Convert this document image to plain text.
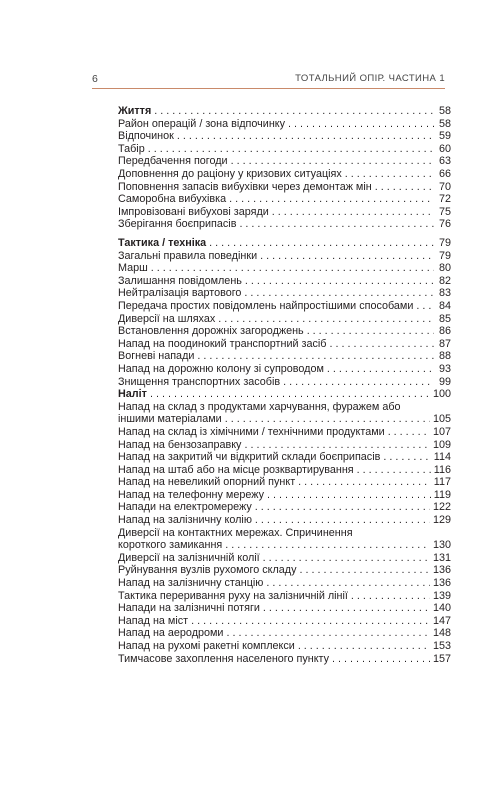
6	ТОТАЛЬНИЙ ОПІР. ЧАСТИНА 1
Життя . . .	58
Район операцій / зона відпочинку . . .	58
Відпочинок . . .	59
Табір . . .	60
Передбачення погоди . . .	63
Доповнення до раціону у кризових ситуаціях . . .	66
Поповнення запасів вибухівки через демонтаж мін . . .	70
Саморобна вибухівка . . .	72
Імпровізовані вибухові заряди . . .	75
Зберігання боєприпасів . . .	76
Тактика / техніка . . .	79
Загальні правила поведінки . . .	79
Марш . . .	80
Залишання повідомлень . . .	82
Нейтралізація вартового . . .	83
Передача простих повідомлень найпростішими способами . . . 84
Диверсії на шляхах . . .	85
Встановлення дорожніх загороджень . . .	86
Напад на поодинокий транспортний засіб . . .	87
Вогневі напади . . .	88
Напад на дорожню колону зі супроводом . . .	93
Знищення транспортних засобів . . .	99
Наліт . . .	100
Напад на склад з продуктами харчування, фуражем або
іншими матеріалами . . .	105
Напад на склад із хімічними / технічними продуктами . . .	107
Напад на бензозаправку . . .	109
Напад на закритий чи відкритий склади боєприпасів . . .	114
Напад на штаб або на місце розквартирування . . .	116
Напад на невеликий опорний пункт . . .	117
Напад на телефонну мережу . . .	119
Напади на електромережу . . .	122
Напад на залізничну колію . . .	129
Диверсії на контактних мережах. Спричинення
короткого замикання . . .	130
Диверсії на залізничній колії . . .	131
Руйнування вузлів рухомого складу . . .	136
Напад на залізничну станцію . . .	136
Тактика переривання руху на залізничній лінії . . .	139
Напади на залізничні потяги . . .	140
Напад на міст . . .	147
Напад на аеродроми . . .	148
Напад на рухомі ракетні комплекси . . .	153
Тимчасове захоплення населеного пункту . . .	157
